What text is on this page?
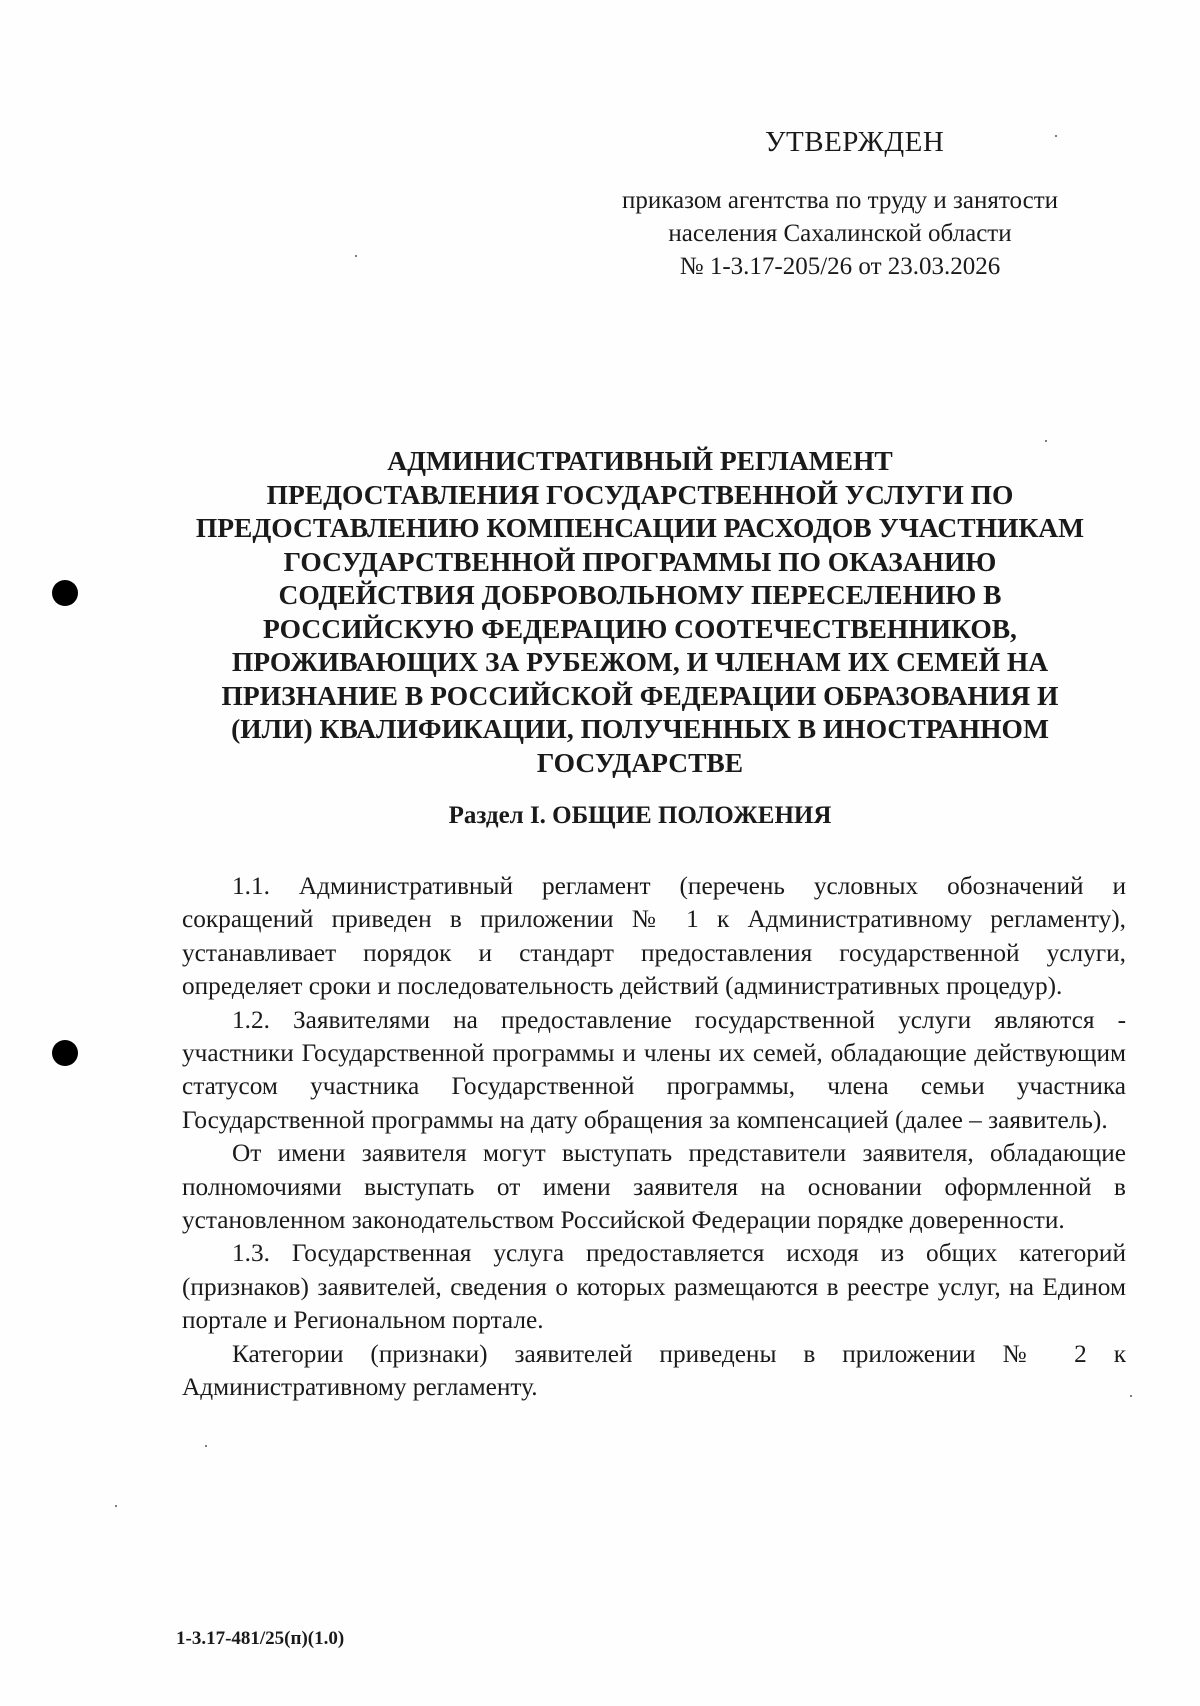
УТВЕРЖДЕН
приказом агентства по труду и занятости
населения Сахалинской области
№ 1-3.17-205/26 от 23.03.2026
АДМИНИСТРАТИВНЫЙ РЕГЛАМЕНТ
ПРЕДОСТАВЛЕНИЯ ГОСУДАРСТВЕННОЙ УСЛУГИ ПО
ПРЕДОСТАВЛЕНИЮ КОМПЕНСАЦИИ РАСХОДОВ УЧАСТНИКАМ
ГОСУДАРСТВЕННОЙ ПРОГРАММЫ ПО ОКАЗАНИЮ
СОДЕЙСТВИЯ ДОБРОВОЛЬНОМУ ПЕРЕСЕЛЕНИЮ В
РОССИЙСКУЮ ФЕДЕРАЦИЮ СООТЕЧЕСТВЕННИКОВ,
ПРОЖИВАЮЩИХ ЗА РУБЕЖОМ, И ЧЛЕНАМ ИХ СЕМЕЙ НА
ПРИЗНАНИЕ В РОССИЙСКОЙ ФЕДЕРАЦИИ ОБРАЗОВАНИЯ И
(ИЛИ) КВАЛИФИКАЦИИ, ПОЛУЧЕННЫХ В ИНОСТРАННОМ
ГОСУДАРСТВЕ
Раздел I. ОБЩИЕ ПОЛОЖЕНИЯ

1.1. Административный регламент (перечень условных обозначений и сокращений приведен в приложении № 1 к Административному регламенту), устанавливает порядок и стандарт предоставления государственной услуги, определяет сроки и последовательность действий (административных процедур).

1.2. Заявителями на предоставление государственной услуги являются - участники Государственной программы и члены их семей, обладающие действующим статусом участника Государственной программы, члена семьи участника Государственной программы на дату обращения за компенсацией (далее – заявитель).

От имени заявителя могут выступать представители заявителя, обладающие полномочиями выступать от имени заявителя на основании оформленной в установленном законодательством Российской Федерации порядке доверенности.

1.3. Государственная услуга предоставляется исходя из общих категорий (признаков) заявителей, сведения о которых размещаются в реестре услуг, на Едином портале и Региональном портале.

Категории (признаки) заявителей приведены в приложении № 2 к Административному регламенту.

1-3.17-481/25(п)(1.0)
